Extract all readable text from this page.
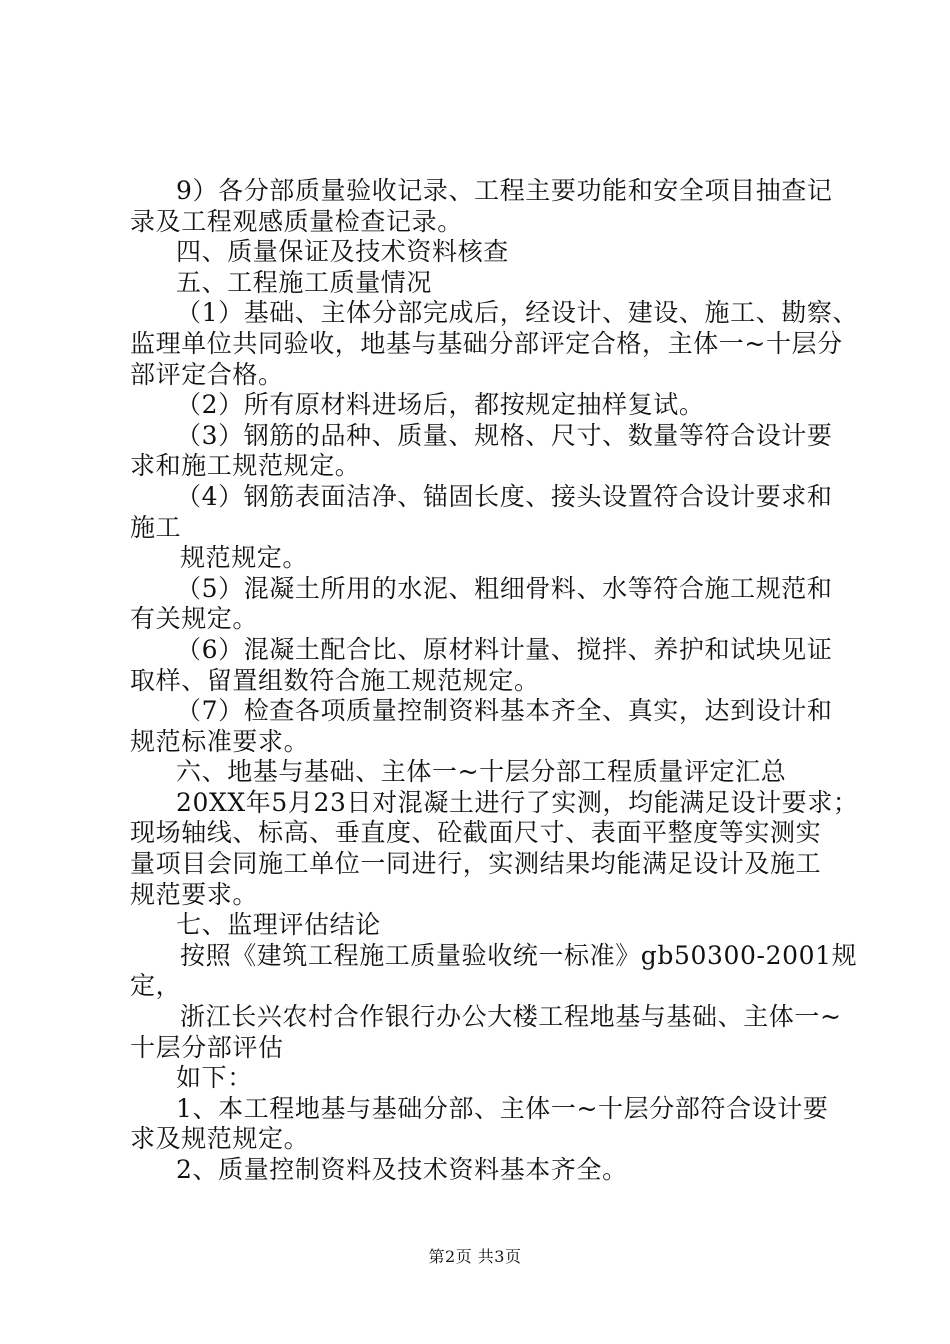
9）各分部质量验收记录、工程主要功能和安全项目抽查记
录及工程观感质量检查记录。
四、质量保证及技术资料核查
五、工程施工质量情况
（1）基础、主体分部完成后，经设计、建设、施工、勘察、
监理单位共同验收，地基与基础分部评定合格，主体一~十层分
部评定合格。
（2）所有原材料进场后，都按规定抽样复试。
（3）钢筋的品种、质量、规格、尺寸、数量等符合设计要
求和施工规范规定。
（4）钢筋表面洁净、锚固长度、接头设置符合设计要求和
施工
规范规定。
（5）混凝土所用的水泥、粗细骨料、水等符合施工规范和
有关规定。
（6）混凝土配合比、原材料计量、搅拌、养护和试块见证
取样、留置组数符合施工规范规定。
（7）检查各项质量控制资料基本齐全、真实，达到设计和
规范标准要求。
六、地基与基础、主体一~十层分部工程质量评定汇总
20XX年5月23日对混凝土进行了实测，均能满足设计要求；
现场轴线、标高、垂直度、砼截面尺寸、表面平整度等实测实
量项目会同施工单位一同进行，实测结果均能满足设计及施工
规范要求。
七、监理评估结论
按照《建筑工程施工质量验收统一标准》gb50300-2001规
定，
浙江长兴农村合作银行办公大楼工程地基与基础、主体一~
十层分部评估
如下：
1、本工程地基与基础分部、主体一~十层分部符合设计要
求及规范规定。
2、质量控制资料及技术资料基本齐全。
第2页 共3页
